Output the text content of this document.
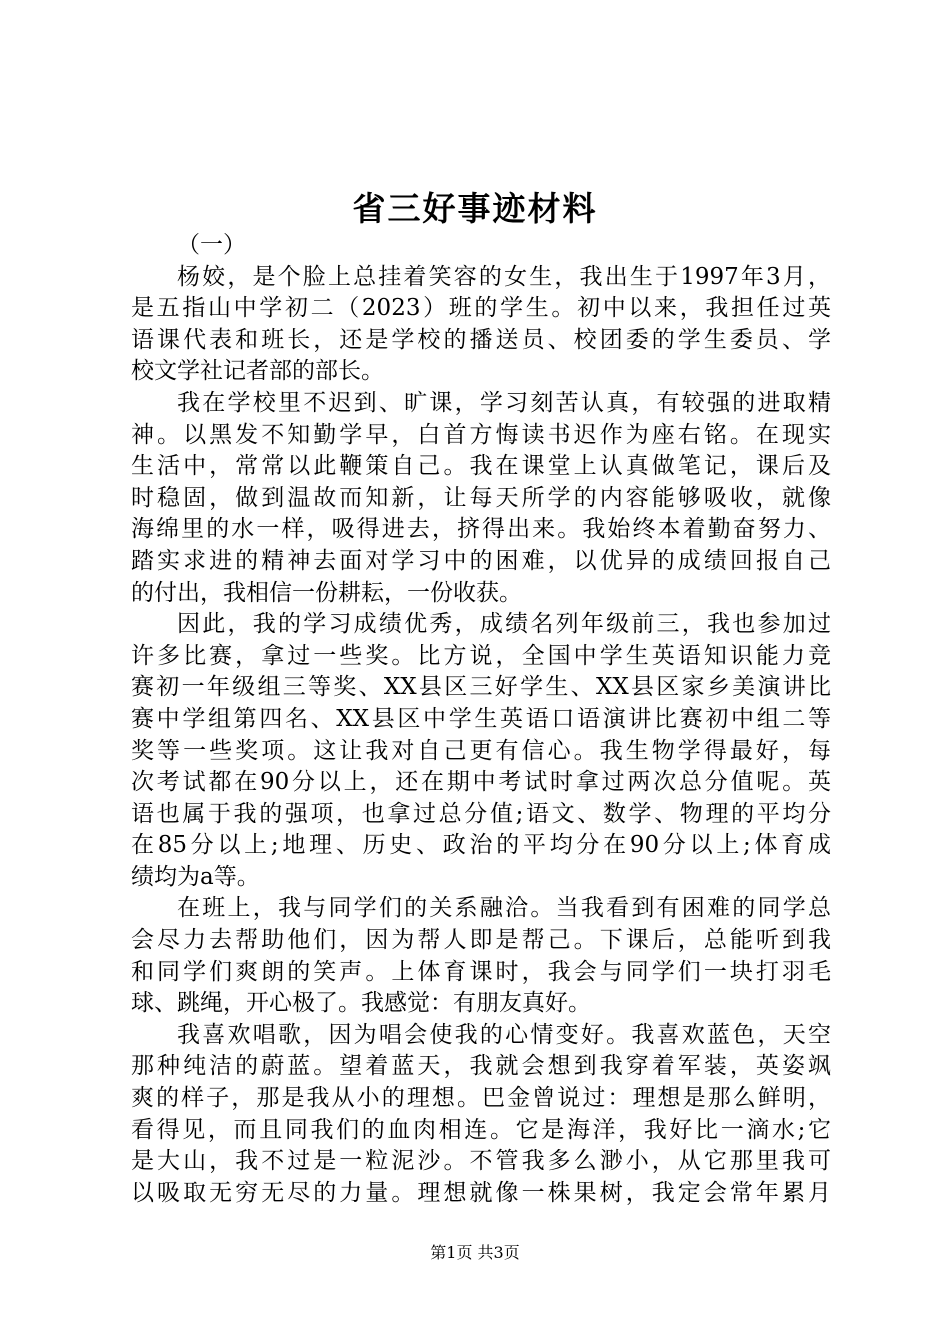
省三好事迹材料
（一）
杨姣，是个脸上总挂着笑容的女生，我出生于1997年3月，
是五指山中学初二（2023）班的学生。初中以来，我担任过英
语课代表和班长，还是学校的播送员、校团委的学生委员、学
校文学社记者部的部长。
我在学校里不迟到、旷课，学习刻苦认真，有较强的进取精
神。以黑发不知勤学早，白首方悔读书迟作为座右铭。在现实
生活中，常常以此鞭策自己。我在课堂上认真做笔记，课后及
时稳固，做到温故而知新，让每天所学的内容能够吸收，就像
海绵里的水一样，吸得进去，挤得出来。我始终本着勤奋努力、
踏实求进的精神去面对学习中的困难，以优异的成绩回报自己
的付出，我相信一份耕耘，一份收获。
因此，我的学习成绩优秀，成绩名列年级前三，我也参加过
许多比赛，拿过一些奖。比方说，全国中学生英语知识能力竞
赛初一年级组三等奖、XX县区三好学生、XX县区家乡美演讲比
赛中学组第四名、XX县区中学生英语口语演讲比赛初中组二等
奖等一些奖项。这让我对自己更有信心。我生物学得最好，每
次考试都在90分以上，还在期中考试时拿过两次总分值呢。英
语也属于我的强项，也拿过总分值;语文、数学、物理的平均分
在85分以上;地理、历史、政治的平均分在90分以上;体育成
绩均为a等。
在班上，我与同学们的关系融洽。当我看到有困难的同学总
会尽力去帮助他们，因为帮人即是帮己。下课后，总能听到我
和同学们爽朗的笑声。上体育课时，我会与同学们一块打羽毛
球、跳绳，开心极了。我感觉：有朋友真好。
我喜欢唱歌，因为唱会使我的心情变好。我喜欢蓝色，天空
那种纯洁的蔚蓝。望着蓝天，我就会想到我穿着军装，英姿飒
爽的样子，那是我从小的理想。巴金曾说过：理想是那么鲜明，
看得见，而且同我们的血肉相连。它是海洋，我好比一滴水;它
是大山，我不过是一粒泥沙。不管我多么渺小，从它那里我可
以吸取无穷无尽的力量。理想就像一株果树，我定会常年累月
第1页 共3页
